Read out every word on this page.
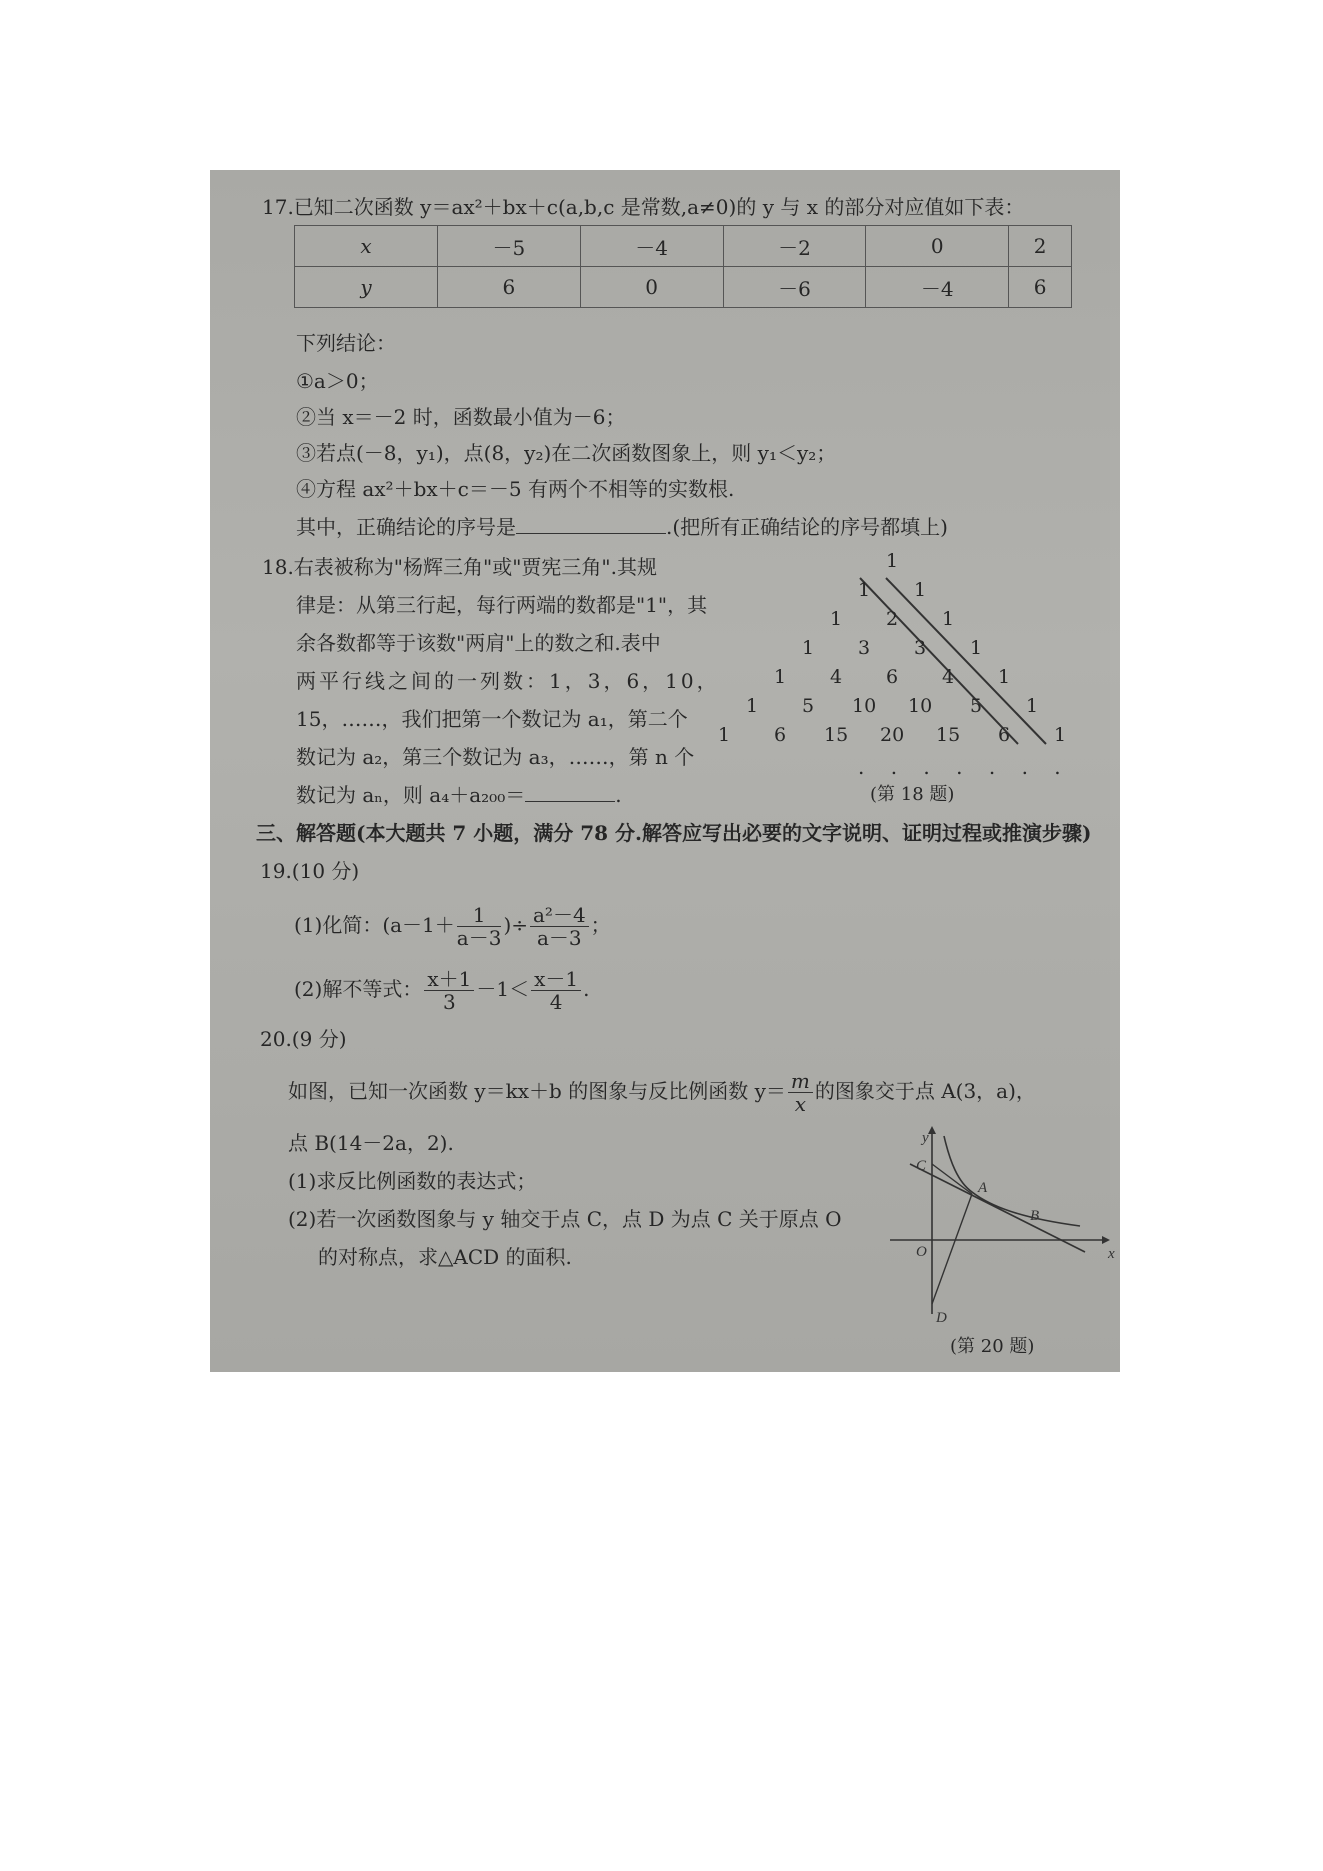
17.已知二次函数 y＝ax²＋bx＋c(a,b,c 是常数,a≠0)的 y 与 x 的部分对应值如下表：
x	－5	－4	－2	0	2
y	6	0	－6	－4	6
下列结论：
①a＞0；
②当 x＝－2 时，函数最小值为－6；
③若点(－8，y₁)，点(8，y₂)在二次函数图象上，则 y₁＜y₂；
④方程 ax²＋bx＋c＝－5 有两个不相等的实数根.
其中，正确结论的序号是	.(把所有正确结论的序号都填上)
18.右表被称为"杨辉三角"或"贾宪三角".其规
律是：从第三行起，每行两端的数都是"1"，其
余各数都等于该数"两肩"上的数之和.表中
两平行线之间的一列数：1，3，6，10，
15，……，我们把第一个数记为 a₁，第二个
数记为 a₂，第三个数记为 a₃，……，第 n 个
数记为 aₙ，则 a₄＋a₂₀₀＝	.
1
1	1
1	2	1
1	3	3	1
1	4	6	4	1
1	5	10 10	5	1
1	6	15 20 15	6	1
. . . . . . .
(第 18 题)
三、解答题(本大题共 7 小题，满分 78 分.解答应写出必要的文字说明、证明过程或推演步骤)
19.(10 分)
(1)化简：($a-1+ \frac{1}{a-3}$ )÷ $\frac{\text{a²－4}}{a-3}$ ；
(2)解不等式： $\frac{x+1}{3} -1< \frac{x-1}{4}$ .
20.(9 分)
如图，已知一次函数 y＝kx＋b 的图象与反比例函数 $y= \frac{m}{x}$ 的图象交于点 A(3，a)，
点 B(14－2a，2).
(1)求反比例函数的表达式；
(2)若一次函数图象与 y 轴交于点 C，点 D 为点 C 关于原点 O
的对称点，求△ACD 的面积.
y
x
O
A
B
C
D
(第 20 题)
